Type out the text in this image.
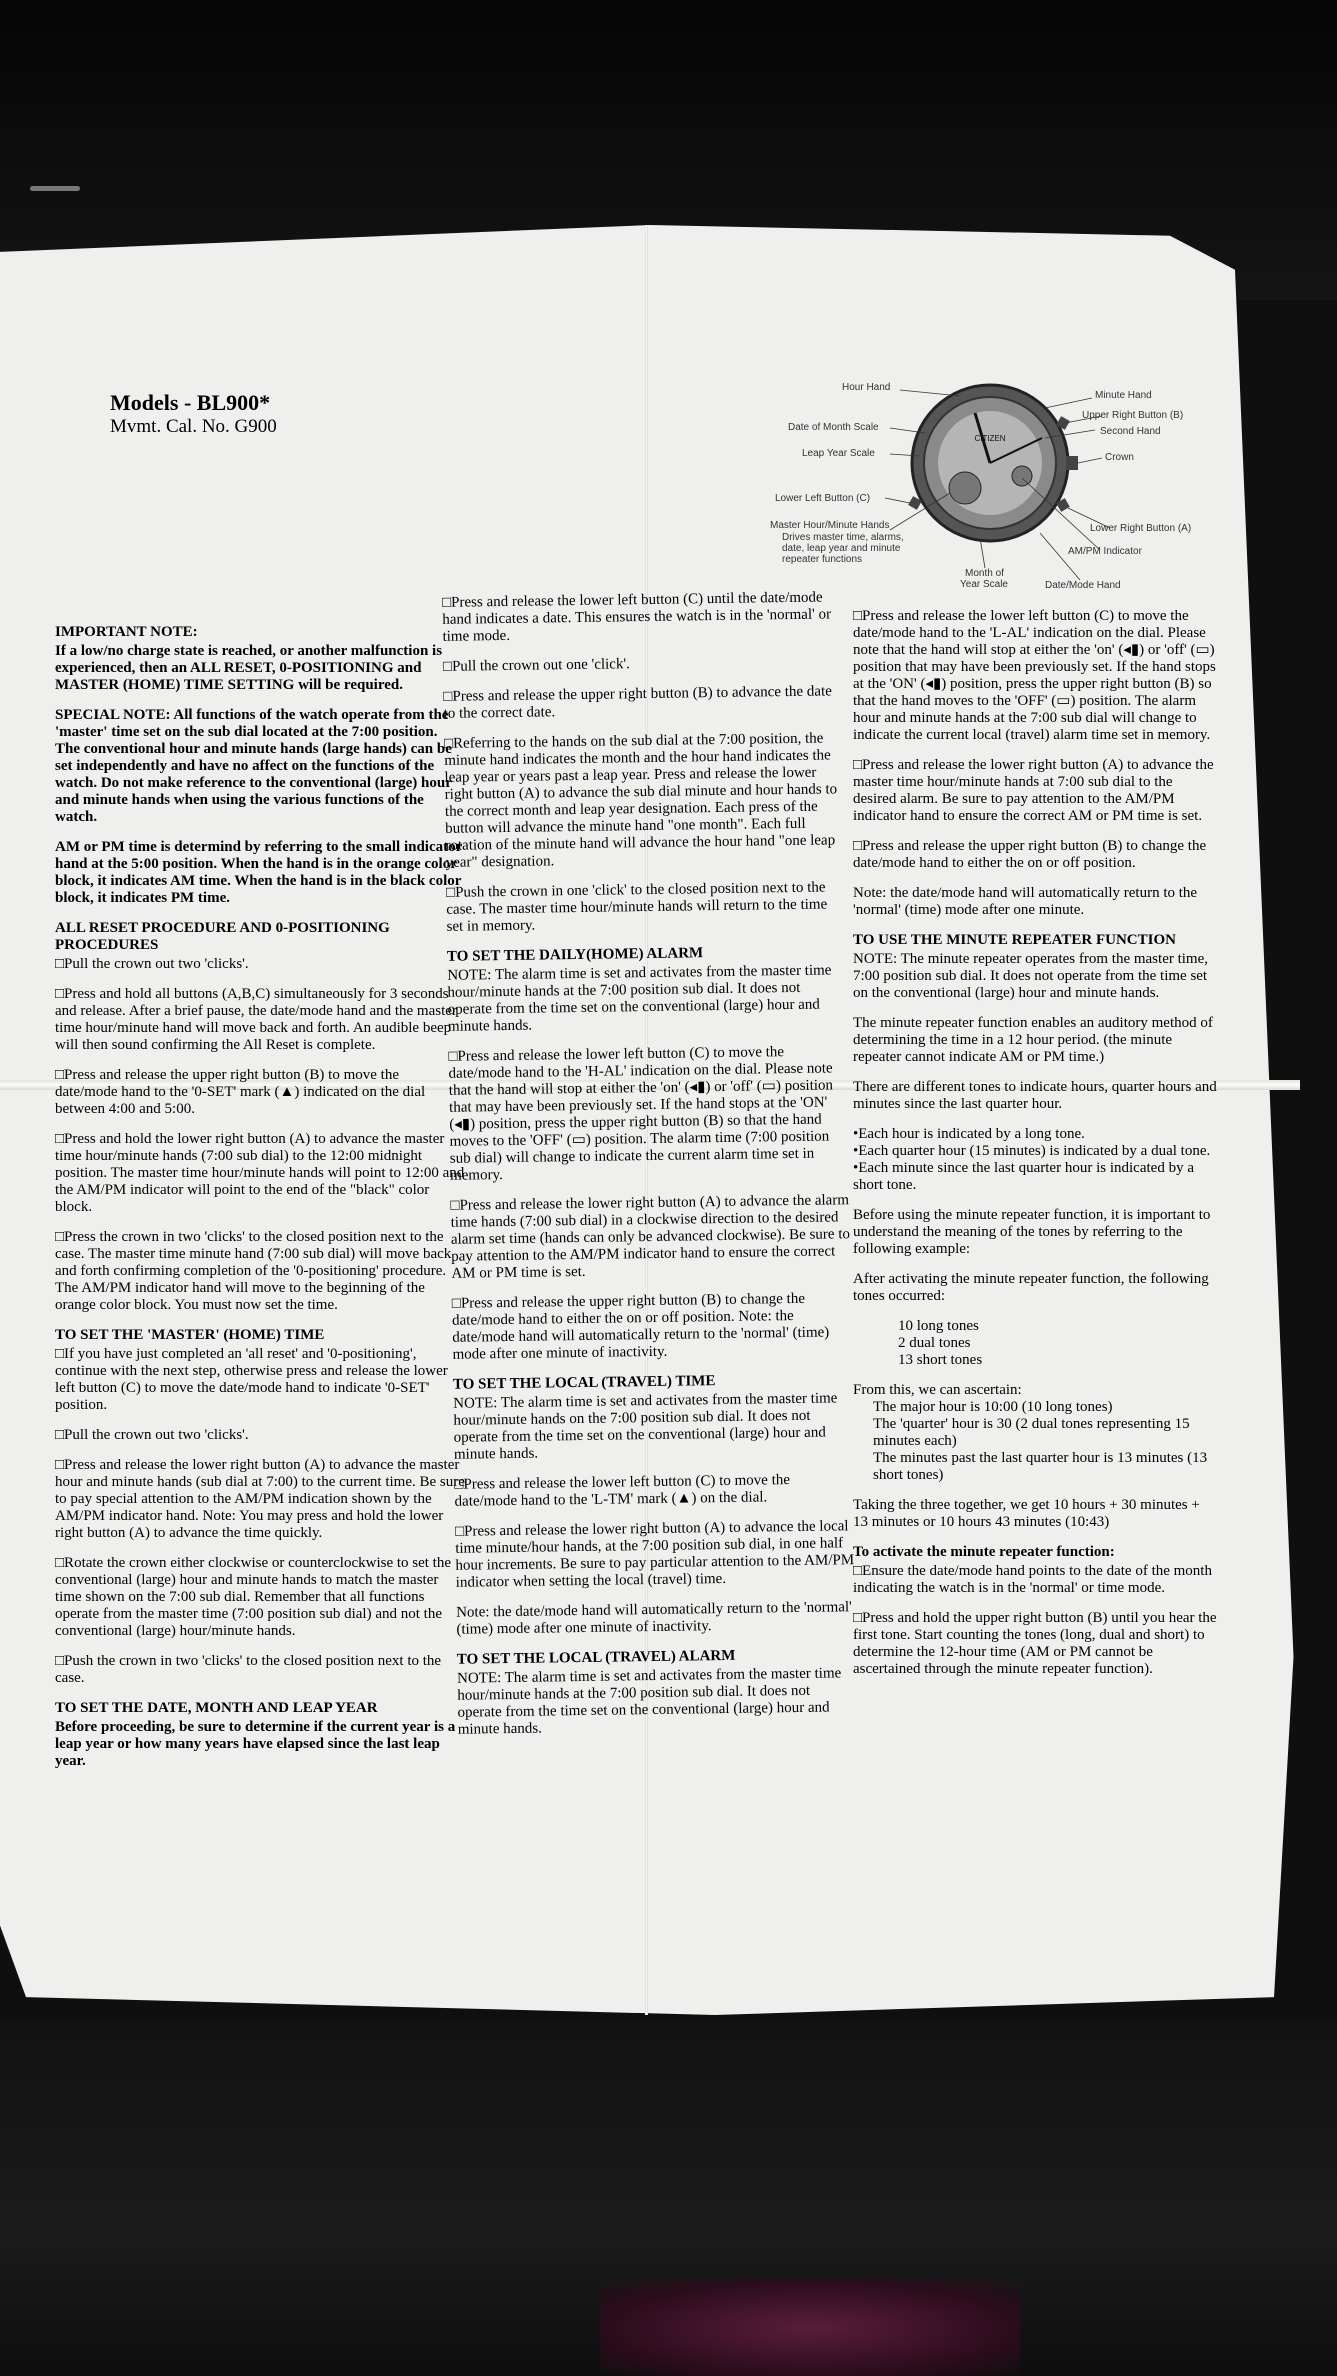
Models - BL900*
Mvmt. Cal. No. G900
CITIZEN
Hour Hand
Minute Hand
Date of Month Scale
Upper Right Button (B)
Second Hand
Leap Year Scale	Crown
Lower Left Button (C)
Master Hour/Minute Hands
Drives master time, alarms,
date, leap year and minute
repeater functions
Lower Right Button (A)
AM/PM Indicator
Month of
Year Scale	Date/Mode Hand
IMPORTANT NOTE:

If a low/no charge state is reached, or another malfunction is experienced, then an ALL RESET, 0-POSITIONING and MASTER (HOME) TIME SETTING will be required.

SPECIAL NOTE: All functions of the watch operate from the 'master' time set on the sub dial located at the 7:00 position. The conventional hour and minute hands (large hands) can be set independently and have no affect on the functions of the watch. Do not make reference to the conventional (large) hour and minute hands when using the various functions of the watch.

AM or PM time is determind by referring to the small indicator hand at the 5:00 position. When the hand is in the orange color block, it indicates AM time. When the hand is in the black color block, it indicates PM time.

ALL RESET PROCEDURE AND 0-POSITIONING PROCEDURES

□Pull the crown out two 'clicks'.

□Press and hold all buttons (A,B,C) simultaneously for 3 seconds and release. After a brief pause, the date/mode hand and the master time hour/minute hand will move back and forth. An audible beep will then sound confirming the All Reset is complete.

□Press and release the upper right button (B) to move the date/mode hand to the '0-SET' mark (▲) indicated on the dial between 4:00 and 5:00.

□Press and hold the lower right button (A) to advance the master time hour/minute hands (7:00 sub dial) to the 12:00 midnight position. The master time hour/minute hands will point to 12:00 and the AM/PM indicator will point to the end of the "black" color block.

□Press the crown in two 'clicks' to the closed position next to the case. The master time minute hand (7:00 sub dial) will move back and forth confirming completion of the '0-positioning' procedure. The AM/PM indicator hand will move to the beginning of the orange color block. You must now set the time.

TO SET THE 'MASTER' (HOME) TIME

□If you have just completed an 'all reset' and '0-positioning', continue with the next step, otherwise press and release the lower left button (C) to move the date/mode hand to indicate '0-SET' position.

□Pull the crown out two 'clicks'.

□Press and release the lower right button (A) to advance the master hour and minute hands (sub dial at 7:00) to the current time. Be sure to pay special attention to the AM/PM indication shown by the AM/PM indicator hand. Note: You may press and hold the lower right button (A) to advance the time quickly.

□Rotate the crown either clockwise or counterclockwise to set the conventional (large) hour and minute hands to match the master time shown on the 7:00 sub dial. Remember that all functions operate from the master time (7:00 position sub dial) and not the conventional (large) hour/minute hands.

□Push the crown in two 'clicks' to the closed position next to the case.

TO SET THE DATE, MONTH AND LEAP YEAR

Before proceeding, be sure to determine if the current year is a leap year or how many years have elapsed since the last leap year.

□Press and release the lower left button (C) until the date/mode hand indicates a date. This ensures the watch is in the 'normal' or time mode.

□Pull the crown out one 'click'.

□Press and release the upper right button (B) to advance the date to the correct date.

□Referring to the hands on the sub dial at the 7:00 position, the minute hand indicates the month and the hour hand indicates the leap year or years past a leap year. Press and release the lower right button (A) to advance the sub dial minute and hour hands to the correct month and leap year designation. Each press of the button will advance the minute hand "one month". Each full rotation of the minute hand will advance the hour hand "one leap year" designation.

□Push the crown in one 'click' to the closed position next to the case. The master time hour/minute hands will return to the time set in memory.

TO SET THE DAILY(HOME) ALARM

NOTE: The alarm time is set and activates from the master time hour/minute hands at the 7:00 position sub dial. It does not operate from the time set on the conventional (large) hour and minute hands.

□Press and release the lower left button (C) to move the date/mode hand to the 'H-AL' indication on the dial. Please note that the hand will stop at either the 'on' (◂▮) or 'off' (▭) position that may have been previously set. If the hand stops at the 'ON' (◂▮) position, press the upper right button (B) so that the hand moves to the 'OFF' (▭) position. The alarm time (7:00 position sub dial) will change to indicate the current alarm time set in memory.

□Press and release the lower right button (A) to advance the alarm time hands (7:00 sub dial) in a clockwise direction to the desired alarm set time (hands can only be advanced clockwise). Be sure to pay attention to the AM/PM indicator hand to ensure the correct AM or PM time is set.

□Press and release the upper right button (B) to change the date/mode hand to either the on or off position. Note: the date/mode hand will automatically return to the 'normal' (time) mode after one minute of inactivity.

TO SET THE LOCAL (TRAVEL) TIME

NOTE: The alarm time is set and activates from the master time hour/minute hands on the 7:00 position sub dial. It does not operate from the time set on the conventional (large) hour and minute hands.

□Press and release the lower left button (C) to move the date/mode hand to the 'L-TM' mark (▲) on the dial.

□Press and release the lower right button (A) to advance the local time minute/hour hands, at the 7:00 position sub dial, in one half hour increments. Be sure to pay particular attention to the AM/PM indicator when setting the local (travel) time.

Note: the date/mode hand will automatically return to the 'normal' (time) mode after one minute of inactivity.

TO SET THE LOCAL (TRAVEL) ALARM

NOTE: The alarm time is set and activates from the master time hour/minute hands at the 7:00 position sub dial. It does not operate from the time set on the conventional (large) hour and minute hands.

□Press and release the lower left button (C) to move the date/mode hand to the 'L-AL' indication on the dial. Please note that the hand will stop at either the 'on' (◂▮) or 'off' (▭) position that may have been previously set. If the hand stops at the 'ON' (◂▮) position, press the upper right button (B) so that the hand moves to the 'OFF' (▭) position. The alarm hour and minute hands at the 7:00 sub dial will change to indicate the current local (travel) alarm time set in memory.

□Press and release the lower right button (A) to advance the master time hour/minute hands at 7:00 sub dial to the desired alarm. Be sure to pay attention to the AM/PM indicator hand to ensure the correct AM or PM time is set.

□Press and release the upper right button (B) to change the date/mode hand to either the on or off position.

Note: the date/mode hand will automatically return to the 'normal' (time) mode after one minute.

TO USE THE MINUTE REPEATER FUNCTION

NOTE: The minute repeater operates from the master time, 7:00 position sub dial. It does not operate from the time set on the conventional (large) hour and minute hands.

The minute repeater function enables an auditory method of determining the time in a 12 hour period. (the minute repeater cannot indicate AM or PM time.)

There are different tones to indicate hours, quarter hours and minutes since the last quarter hour.

•Each hour is indicated by a long tone.

•Each quarter hour (15 minutes) is indicated by a dual tone.

•Each minute since the last quarter hour is indicated by a short tone.

Before using the minute repeater function, it is important to understand the meaning of the tones by referring to the following example:

After activating the minute repeater function, the following tones occurred:

10 long tones

2 dual tones

13 short tones

From this, we can ascertain:

The major hour is 10:00 (10 long tones)

The 'quarter' hour is 30 (2 dual tones representing 15 minutes each)

The minutes past the last quarter hour is 13 minutes (13 short tones)

Taking the three together, we get 10 hours + 30 minutes + 13 minutes or 10 hours 43 minutes (10:43)

To activate the minute repeater function:

□Ensure the date/mode hand points to the date of the month indicating the watch is in the 'normal' or time mode.

□Press and hold the upper right button (B) until you hear the first tone. Start counting the tones (long, dual and short) to determine the 12-hour time (AM or PM cannot be ascertained through the minute repeater function).
